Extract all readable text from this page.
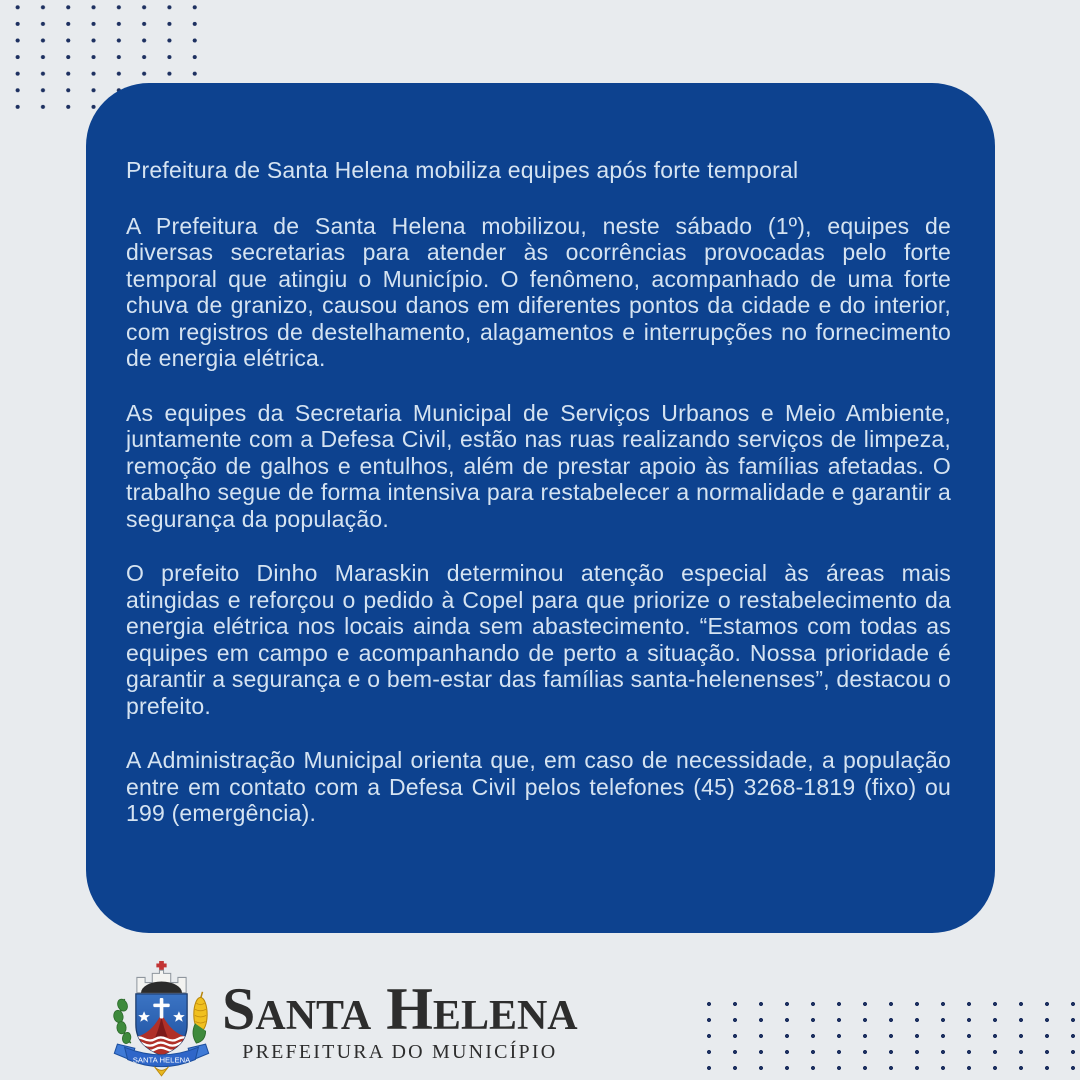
Prefeitura de Santa Helena mobiliza equipes após forte temporal

A Prefeitura de Santa Helena mobilizou, neste sábado (1º), equipes de diversas secretarias para atender às ocorrências provocadas pelo forte temporal que atingiu o Município. O fenômeno, acompanhado de uma forte chuva de granizo, causou danos em diferentes pontos da cidade e do interior, com registros de destelhamento, alagamentos e interrupções no fornecimento de energia elétrica.

As equipes da Secretaria Municipal de Serviços Urbanos e Meio Ambiente, juntamente com a Defesa Civil, estão nas ruas realizando serviços de limpeza, remoção de galhos e entulhos, além de prestar apoio às famílias afetadas. O trabalho segue de forma intensiva para restabelecer a normalidade e garantir a segurança da população.

O prefeito Dinho Maraskin determinou atenção especial às áreas mais atingidas e reforçou o pedido à Copel para que priorize o restabelecimento da energia elétrica nos locais ainda sem abastecimento. “Estamos com todas as equipes em campo e acompanhando de perto a situação. Nossa prioridade é garantir a segurança e o bem-estar das famílias santa-helenenses”, destacou o prefeito.

A Administração Municipal orienta que, em caso de necessidade, a população entre em contato com a Defesa Civil pelos telefones (45) 3268-1819 (fixo) ou 199 (emergência).

SANTA HELENA
Santa Helena
PREFEITURA DO MUNICÍPIO
